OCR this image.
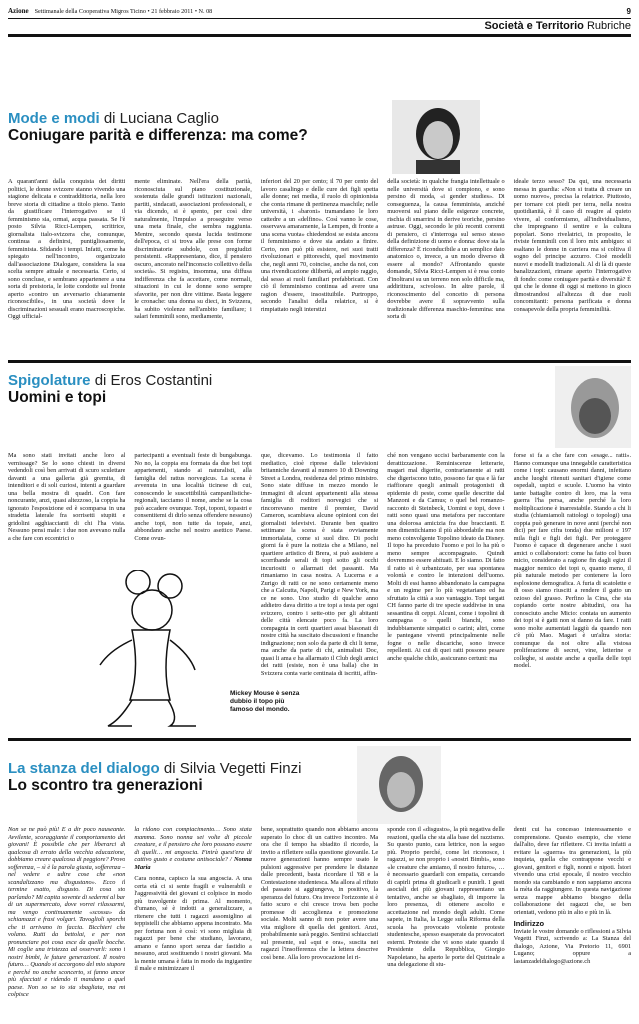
Azione Settimanale della Cooperativa Migros Ticino • 21 febbraio 2011 • N. 08	9
Società e Territorio Rubriche
Mode e modi di Luciana Caglio
Coniugare parità e differenza: ma come?
A quarant'anni dalla conquista dei diritti politici, le donne svizzere stanno vivendo una stagione delicata e contraddittoria, nella loro breve storia di cittadine a titolo pieno. Tanto da giustificare l'interrogativo se il femminismo sia, ormai, acqua passata. Se l'è posto Silvia Ricci-Lempen, scrittrice, giornalista italo-svizzera che, comunque, continua a definirsi, puntigliosamente, femminista. Sfidando i tempi. Infatti, come ha spiegato nell'incontro, organizzato dall'associazione Dialogare, considera la sua scelta sempre attuale e necessaria. Certo, si sono concluse, e sembrano appartenere a una sorta di preistoria, le lotte condotte sul fronte aperto «contro un avversario chiaramente riconoscibile», in una società dove le discriminazioni sessuali erano macroscopiche. Oggi ufficial-
mente eliminate. Nell'era della parità, riconosciuta sul piano costituzionale, sostenuta dalle grandi istituzioni nazionali, partiti, sindacati, associazioni professionali, e via dicendo, si è spento, per così dire naturalmente, l'impulso a proseguire verso una meta finale, che sembra raggiunta. Mentre, secondo questa lucida testimone dell'epoca, ci si trova alle prese con forme discriminatorie subdole, con pregiudizi persistenti. «Rappresentano, dice, il pensiero oscuro, ancorato nell'inconscio collettivo della società». Si registra, insomma, una diffusa indifferenza che fa accettare, come normali, situazioni in cui le donne sono sempre sfavorite, per non dire vittime. Basta leggere le cronache: una donna su dieci, in Svizzera, ha subito violenze nell'ambito familiare; i salari femminili sono, mediamente,
inferiori del 20 per cento; il 70 per cento del lavoro casalingo e delle cure dei figli spetta alle donne; nei media, il ruolo di opinionista che conta rimane di pertinenza maschile; nelle università, i «baroni» tramandano le loro cattedre a un «delfino». Così vanno le cose, osservava amaramente, la Lempen, di fronte a una scena vuota» chiedendosi se esista ancora il femminismo e dove sia andato a finire. Certo, non può più esistere, nei suoi tratti rivoluzionari e pittoreschi, quel movimento che, negli anni 70, coincise, anche da noi, con una rivendicazione dilibertà, ad ampio raggio, dal sesso ai ruoli familiari prefabbricati. Con ciò il femminismo continua ad avere una ragion d'essere, insostituibile. Purtroppo, secondo l'analisi della relatrice, si è rimpiattato negli interstizi
della società: in qualche frangia intellettuale o nelle università dove si compiono, e sono persino di moda, «i gender studies». Di conseguenza, la causa femminista, anziché muoversi sul piano delle esigenze concrete, rischia di smarrirsi in derive teoriche, persino astruse. Oggi, secondo le più recenti correnti di pensiero, ci s'interroga sul senso stesso della definizione di uomo e donna: dove sta la differenza? È riconducibile a un semplice dato anatomico o, invece, a un modo diverso di essere al mondo? Affrontando queste domande, Silvia Ricci-Lempen si è resa conto d'inoltrarsi su un terreno non solo difficile ma, addirittura, scivoloso. In altre parole, il riconoscimento del concetto di persona dovrebbe avere il sopravvento sulla tradizionale differenza maschio-femmina: una sorta di
ideale terzo sesso? Da qui, una necessaria messa in guardia: «Non si tratta di creare un uomo nuovo», precisa la relatrice. Piuttosto, per tornare coi piedi per terra, nella nostra quotidianità, è il caso di reagire al quieto vivere, al conformismo, all'individualismo, che impregnano il sentire e la cultura popolari. Sono rivelatrici, in proposito, le riviste femminili con il loro mix ambiguo: si esaltano le donne in carriera ma si coltiva il sogno del principe azzurro. Cioè modelli nuovi e modelli tradizionali. Al di là di queste banalizzazioni, rimane aperto l'interrogativo di fondo: come coniugare parità e diversità? È qui che le donne di oggi si mettono in gioco dimostrandosi all'altezza di due ruoli concomitanti: persona parificata e donna consapevole della propria femminilità.
Spigolature di Eros Costantini
Uomini e topi
Ma sono stati invitati anche loro al vernissage? Se lo sono chiesti in diversi vedendoli così ben arrivati di scuro sculettare davanti a una galleria già gremita, di intenditori e di soli curiosi, intenti a guardare una bella mostra di quadri. Con fare noncurante, anzi, quasi altezzoso, la coppia ha ignorato l'esposizione ed è scomparsa in una stradetta laterale fra sorrisetti stupiti e gridolini agghiaccianti di chi l'ha vista. Nessuno pensi male: i due non avevano nulla a che fare con eccentrici o
partecipanti a eventuali feste di bungabunga. No no, la coppia era formata da due bei topi appartenenti, stando ai naturalisti, alla famiglia del rattus norvegicus. La scena è avvenuta in una località ticinese di cui, conoscendo le suscettibilità campanilistiche-regionali, tacciamo il nome, anche se la cosa può accadere ovunque. Topi, toponi, topastri e consentitemi di dirlo senza offendere nessuno) anche topi, non tutte da topaie, anzi, abbondano anche nel nostro asettico Paese. Come ovun-
que, dicevamo. Lo testimonia il fatto mediatico, cioè riprese dalle televisioni britanniche davanti al numero 10 di Downing Street a Londra, residenza del primo ministro. Sono state diffuse in mezzo mondo le immagini di alcuni appartenenti alla stessa famiglia di roditori norvegici che si rincorrevano mentre il premier, David Cameron, scambiava alcune opinioni con dei giornalisti televisivi. Durante ben quattro settimane la scena è stata ovviamente immortalata, come si suol dire. Di pochi giorni fa è pure la notizia che a Milano, nel quartiere artistico di Brera, si può assistere a scorribande serali di topi sotto gli occhi incuriositi o allarmati dei passanti. Ma rimaniamo in casa nostra. A Lucerna e a Zurigo di ratti ce ne sono certamente meno che a Calcutta, Napoli, Parigi e New York, ma ce ne sono. Uno studio di qualche anno addietro dava diritto a tre topi a testa per ogni svizzero, contro i sette-otto per gli abitanti delle città elencate poco fa. La loro compagnia in certi quartieri assai blasonati di nostre città ha suscitato discussioni e finanche indignazione; non solo da parte di chi li teme, ma anche da parte di chi, animalisti Doc, quasi li ama e ha allarmato il Club degli amici dei ratti (esiste, non è una balla) che in Svizzera conta varie centinaia di iscritti, affin-
ché non vengano uccisi barbaramente con la derattizzazione. Reminiscenze letterarie, magari mal digerite, contrariamente ai ratti che digeriscono tutto, possono far qua e là far riaffiorare quegli animali protagonisti di epidemie di peste, come quelle descritte dal Manzoni e da Camus; o quel bel romanzo-racconto di Steinbeck, Uomini e topi, dove i ratti sono quasi una metafora per raccontare una dolorosa amicizia fra due braccianti. E non dimentichiamo il più abbordabile ma non meno coinvolgente Topolino ideato da Disney. Il topo ha preceduto l'uomo e poi lo ha più o meno sempre accompagnato. Quindi dovremmo essere abituati. E lo siamo. Di fatto il ratto si è urbanizzato, per sua spontanea volontà e contro le intenzioni dell'uomo. Molti di essi hanno abbandonato la campagna e un regime per lo più vegetariano ed ha sfruttato la città a suo vantaggio. Topi targati CH fanno parte di tre specie suddivise in una sessantina di ceppi. Alcuni, come i topolini di campagna o quelli bianchi, sono indubbiamente simpatici o carini; altri, come le pantegane viventi principalmente nelle fogne o nelle discariche, sono invece repellenti. Ai cui di quei ratti possono pesare anche qualche chilo, assicurano certuni: ma
forse si fa a che fare con «esage... ratti». Hanno comunque una innegabile caratteristica come i topi: causano enormi danni, infettano anche luoghi ritenuti sanitari d'igiene come ospedali, uspizi e scuole. L'uomo ha vinto tante battaglie contro di loro, ma la vera guerra l'ha persa, anche perché la loro moltiplicazione è inarrestabile. Stando a chi li studia (chiamiamoli rattologi o topologi) una coppia può generare in nove anni (perché non dici) per fare cifra tonda) due milioni e 197 mila figli e figli dei figli. Per proteggere l'uomo è capace di degenerare anche i suoi amici o collaboratori: come ha fatto col buon micio, considerato a ragione fin dagli egizi il maggior nemico dei topi o, quanto meno, il più naturale metodo per contenere la loro esplosione demografica. A furia di scatolette e di osso siamo riusciti a rendere il gatto un ozioso del grasso. Perfino la Cina, che sta copiando certe nostre abitudini, ora ha conosciuto anche Micio: contata un aumento dei topi si è gatti non si danno da fare. I ratti sono molte aumentati laggiù da quando non c'è più Mao. Magari è un'altra storia: comunque da noi oltre alla vistosa proliferazione di secret, vine, letterine e colleghe, si assiste anche a quella delle topi model.
Mickey Mouse è senza dubbio il topo più famoso del mondo.
La stanza del dialogo di Silvia Vegetti Finzi
Lo scontro tra generazioni
Non se ne può più! E a dir poco nauseante. Avvilente, scoraggiante il comportamento dei giovani! È possibile che per liberarci di qualcosa di errato della vecchia educazione, dobbiamo creare qualcosa di peggiore? Provo sofferenza, – sì è la parola giusta, sofferenza – nel vedere e udire cose che «non scandalizzano ma disgustano». Ecco il termine esatto, disgusto. Di cosa sto parlando? Mi capita sovente di sedermi al bar di un supermercato, dove vorrei rilassarmi, ma vengo continuamente «scossa» da schiamazzi e frasi volgari. Tavoglioli sporchi che ti arrivano in faccia. Bicchieri che volano. Rutti da bettolai, e per non pronunciare poi cosa esce da quelle bocche. Mi coglie una tristezza ad osservarli: sono i nostri bimbi, le future generazioni. Il nostro futuro… Quando si accorgono del mio stupore e perché no anche sconcerto, si fanno ancor più sfacciati e ridendo ti mandano a quel paese. Non so se io sia sbagliata, ma mi colpisce

la ridono con compiacimento… Sono stata mamma. Sono nonna sei volte di piccole creature, e il pensiero che loro possano essere di quelli… mi angoscia. Finirà quest'era di cattivo gusto e costume antisociale? / Nonna Maria

Cara nonna, capisco la sua angoscia. A una certa età ci si sente fragili e vulnerabili e l'aggressività dei giovani ci colpisce in modo più travolgente di prima. Al momento, d'umano, sé è indotti a generalizzare, a ritenere che tutti i ragazzi assomiglino ai teppistelli che abbiamo appena incontrato. Ma per fortuna non è così: vi sono migliaia di ragazzi per bene che studiano, lavorano, amano e fanno sport senza dar fastidio a nessuno, anzi sostituendo i nostri giovani. Ma la mente umana è fatta in modo da ingigantire il male e minimizzare il

bene, soprattutto quando non abbiamo ancora superato lo choc di un cattivo incontro. Ma ora che il tempo ha sbiadito il ricordo, la invito a riflettere sulla questione giovanile. Le nuove generazioni hanno sempre usato le pulsioni aggressive per prendere le distanze dalle precedenti, basta ricordare il '68 e la Contestazione studentesca. Ma allora al rifiuto del passato si aggiungeva, in positivo, la speranza del futuro. Ora invece l'orizzonte si è fatto scuro e chi cresce trova ben poche promesse di accoglienza e promozione sociale. Molti sanno di non poter avere una vita migliore di quella dei genitori. Anzi, probabilmente sarà peggio. Sentirsi schiacciati sul presente, sul «qui e ora», suscita nei ragazzi l'insofferenza che la lettera descrive così bene. Alla loro provocazione lei ri-
sponde con il «disgusto», la più negativa delle reazioni, quella che sta alla base del razzismo. Su questo punto, cara lettrice, non la seguo più. Proprio perché, come lei riconosce, i ragazzi, se non proprio i «nostri Bimbi», sono «le creature che amiamo, il nostro futuro», … è necessario guardarli con empatia, cercando di capirli prima di giudicarli e punirli. I gesti asociali dei più giovani rappresentano un tentativo, anche se sbagliato, di imporre la loro presenza, di ottenere ascolto e accettazione nel mondo degli adulti. Come sapete, in Italia, la Legge sulla Riforma della scuola ha provocato violente proteste studentesche, spesso esasperate da provocatori esterni. Proteste che vi sono state quando il Presidente della Repubblica, Giorgio Napoletano, ha aperto le porte del Quirinale a una delegazione di stu-

denti cui ha concesso interessamento e comprensione. Questo esempio, che viene dall'alto, deve far riflettere. Ci invita infatti a evitare la «guerra» tra generazioni, la più inquieta, quella che contrappone vecchi e giovani, genitori e figli, nonni e nipoti. Ìstori vivendo una crisi epocale, il nostro vecchio mondo sta cambiando e non sappiamo ancora la mèta da raggiungere. In questa navigazione senza mappe abbiamo bisogno della collaborazione dei ragazzi che, se ben orientati, vedono più in alto e più in là.

Indirizzo

Inviate le vostre domande o riflessioni a Silvia Vegetti Finzi, scrivendo a: La Stanza del dialogo, Azione, Via Pretorio 11, 6901 Lugano; oppure a lastanzadeldialogo@azione.ch
